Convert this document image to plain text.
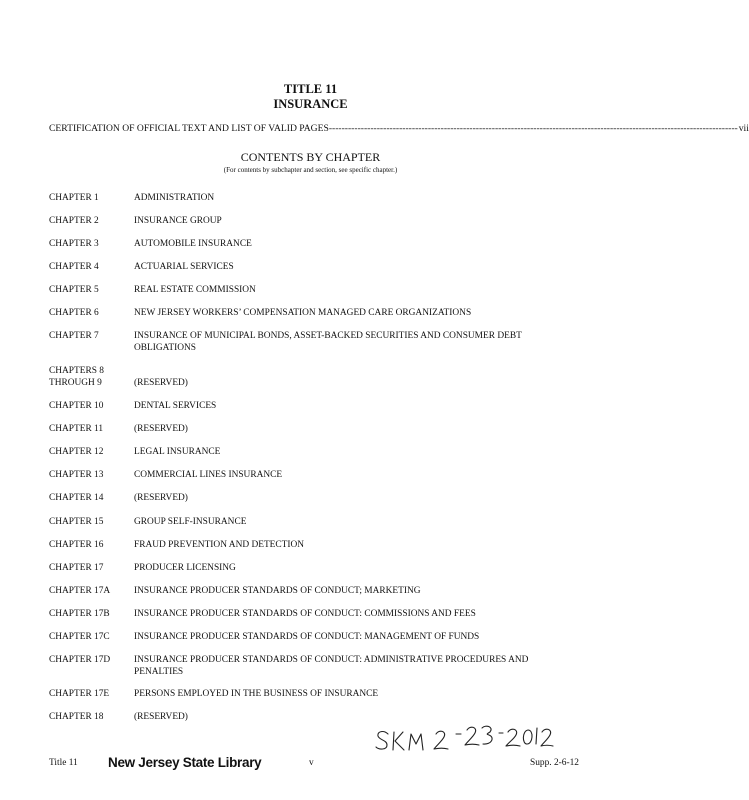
TITLE 11
INSURANCE
CERTIFICATION OF OFFICIAL TEXT AND LIST OF VALID PAGES-------------------------------------------------------------------------------------------------------------------------------- vii
CONTENTS BY CHAPTER
(For contents by subchapter and section, see specific chapter.)
CHAPTER 1	ADMINISTRATION
CHAPTER 2	INSURANCE GROUP
CHAPTER 3	AUTOMOBILE INSURANCE
CHAPTER 4	ACTUARIAL SERVICES
CHAPTER 5	REAL ESTATE COMMISSION
CHAPTER 6	NEW JERSEY WORKERS’ COMPENSATION MANAGED CARE ORGANIZATIONS
CHAPTER 7	INSURANCE OF MUNICIPAL BONDS, ASSET-BACKED SECURITIES AND CONSUMER DEBT OBLIGATIONS
CHAPTERS 8 THROUGH 9	(RESERVED)
CHAPTER 10	DENTAL SERVICES
CHAPTER 11	(RESERVED)
CHAPTER 12	LEGAL INSURANCE
CHAPTER 13	COMMERCIAL LINES INSURANCE
CHAPTER 14	(RESERVED)
CHAPTER 15	GROUP SELF-INSURANCE
CHAPTER 16	FRAUD PREVENTION AND DETECTION
CHAPTER 17	PRODUCER LICENSING
CHAPTER 17A	INSURANCE PRODUCER STANDARDS OF CONDUCT; MARKETING
CHAPTER 17B	INSURANCE PRODUCER STANDARDS OF CONDUCT: COMMISSIONS AND FEES
CHAPTER 17C	INSURANCE PRODUCER STANDARDS OF CONDUCT: MANAGEMENT OF FUNDS
CHAPTER 17D	INSURANCE PRODUCER STANDARDS OF CONDUCT: ADMINISTRATIVE PROCEDURES AND PENALTIES
CHAPTER 17E	PERSONS EMPLOYED IN THE BUSINESS OF INSURANCE
CHAPTER 18	(RESERVED)
Title 11 New Jersey State Library	v	Supp. 2-6-12
